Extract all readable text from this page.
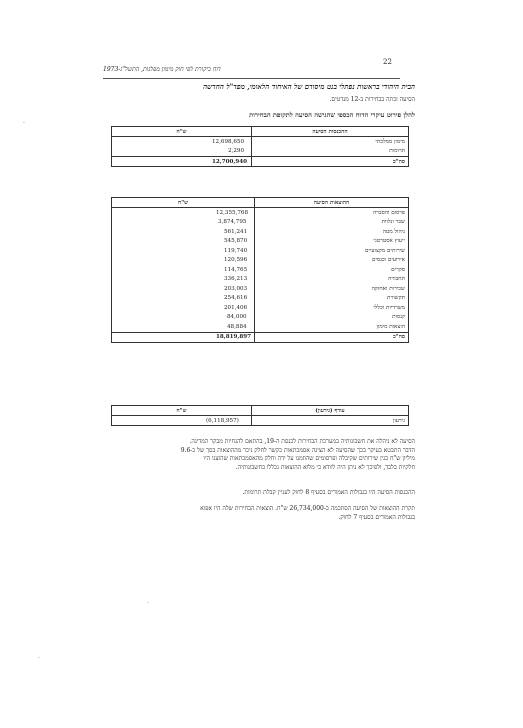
22
דוח ביקורת לפי חוק מימון מפלגות, התשל"ג-1973
הבית היהודי בראשות נפתלי בנט מיסודם של האיחוד הלאומי, מפד"ל החדשה
הסיעה זכתה בבחירות ב-12 מנדטים.
להלן פירוט עיקרי הדוח הכספי שהגישה הסיעה לתקופת הבחירות
ש"ח	ההכנסות הסיעה
12,698,650	מימון ממלכתי
2,290	תרומות
12,700,940	סה"כ
ש"ח	ההוצאות הסיעה
12,355,768	פרסום והסברה
3,874,795	שכר ונלוות
561,241	ניהול מטה
545,870	ייעוץ אסטרטגי
119,740	שירותים מקצועיים
120,596	אירועים וכנסים
114,765	סקרים
336,213	תחבורה
203,003	שכירות ואחזקה
254,616	תקשורת
201,406	משרדיות וכללי
84,000	קנסות
48,884	הוצאות מימון
18,819,897	סה"כ
ש"ח	עודף (גירעון)
(6,118,957)	גירעון
הסיעה לא ניהלה את חשבונותיה במערכת הבחירות לכנסת ה-19, בהתאם להנחיות מבקר המדינה.
הדבר התבטא בעיקר בכך שהסיעה לא הציגה אסמכתאות כקשר לחלק ניכר מההוצאות בסך של כ-9.6
מיליון ש"ח בגין שירותים שקיבלה ופרסומים שהוזמנו על ידה וחלק מהאסמכתאות שהוצגו היו
חלקיות בלבד, ולפיכך לא ניתן היה לוודא כי מלוא ההוצאות נכללו בחשבונותיה.
ההכנסות הסיעה היו בגבולות האמורים בסעיף 8 לחוק לעניין קבלת תרומות.
תקרת ההוצאות של הסיעה הסתכמה ב-26,734,000 ש"ח. הוצאות הבחירות שלה היו אפוא
בגבולות האמורים בסעיף 7 לחוק.
·
·
·
